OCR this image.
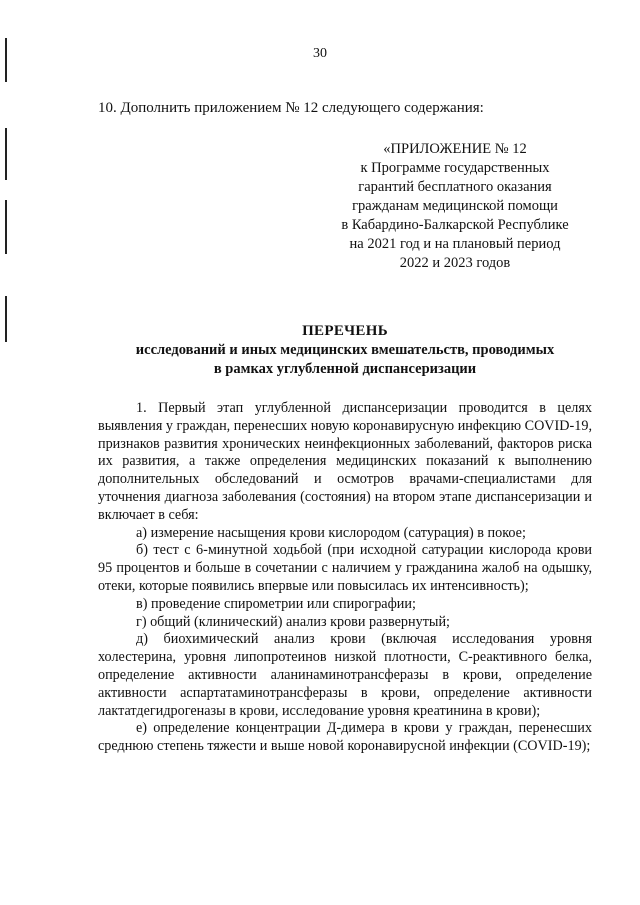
30
10. Дополнить приложением № 12 следующего содержания:
«ПРИЛОЖЕНИЕ № 12
к Программе государственных
гарантий бесплатного оказания
гражданам медицинской помощи
в Кабардино-Балкарской Республике
на 2021 год и на плановый период
2022 и 2023 годов
ПЕРЕЧЕНЬ
исследований и иных медицинских вмешательств, проводимых
в рамках углубленной диспансеризации

1. Первый этап углубленной диспансеризации проводится в целях выявления у граждан, перенесших новую коронавирусную инфекцию COVID-19, признаков развития хронических неинфекционных заболеваний, факторов риска их развития, а также определения медицинских показаний к выполнению дополнительных обследований и осмотров врачами-специалистами для уточнения диагноза заболевания (состояния) на втором этапе диспансеризации и включает в себя:

а) измерение насыщения крови кислородом (сатурация) в покое;

б) тест с 6-минутной ходьбой (при исходной сатурации кислорода крови 95 процентов и больше в сочетании с наличием у гражданина жалоб на одышку, отеки, которые появились впервые или повысилась их интенсивность);

в) проведение спирометрии или спирографии;

г) общий (клинический) анализ крови развернутый;

д) биохимический анализ крови (включая исследования уровня холестерина, уровня липопротеинов низкой плотности, С-реактивного белка, определение активности аланинаминотрансферазы в крови, определение активности аспартатаминотрансферазы в крови, определение активности лактатдегидрогеназы в крови, исследование уровня креатинина в крови);

е) определение концентрации Д-димера в крови у граждан, перенесших среднюю степень тяжести и выше новой коронавирусной инфекции (COVID-19);
